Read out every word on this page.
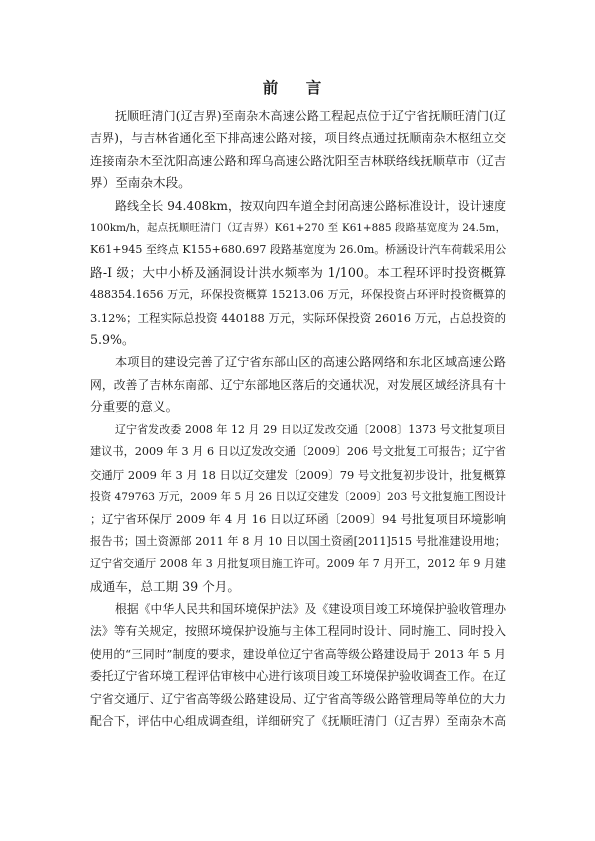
前 言

抚顺旺清门(辽吉界)至南杂木高速公路工程起点位于辽宁省抚顺旺清门(辽
吉界)，与吉林省通化至下排高速公路对接，项目终点通过抚顺南杂木枢纽立交
连接南杂木至沈阳高速公路和珲乌高速公路沈阳至吉林联络线抚顺草市（辽吉
界）至南杂木段。

路线全长 94.408km，按双向四车道全封闭高速公路标准设计，设计速度
100km/h，起点抚顺旺清门（辽吉界）K61+270 至 K61+885 段路基宽度为 24.5m，
K61+945 至终点 K155+680.697 段路基宽度为 26.0m。桥涵设计汽车荷载采用公
路-I 级；大中小桥及涵洞设计洪水频率为 1/100。本工程环评时投资概算
488354.1656 万元，环保投资概算 15213.06 万元，环保投资占环评时投资概算的
3.12%；工程实际总投资 440188 万元，实际环保投资 26016 万元，占总投资的
5.9%。

本项目的建设完善了辽宁省东部山区的高速公路网络和东北区域高速公路
网，改善了吉林东南部、辽宁东部地区落后的交通状况，对发展区域经济具有十
分重要的意义。

辽宁省发改委 2008 年 12 月 29 日以辽发改交通〔2008〕1373 号文批复项目
建议书，2009 年 3 月 6 日以辽发改交通〔2009〕206 号文批复工可报告；辽宁省
交通厅 2009 年 3 月 18 日以辽交建发〔2009〕79 号文批复初步设计，批复概算
投资 479763 万元，2009 年 5 月 26 日以辽交建发〔2009〕203 号文批复施工图设计
；辽宁省环保厅 2009 年 4 月 16 日以辽环函〔2009〕94 号批复项目环境影响
报告书；国土资源部 2011 年 8 月 10 日以国土资函[2011]515 号批准建设用地；
辽宁省交通厅 2008 年 3 月批复项目施工许可。2009 年 7 月开工，2012 年 9 月建
成通车，总工期 39 个月。

根据《中华人民共和国环境保护法》及《建设项目竣工环境保护验收管理办
法》等有关规定，按照环境保护设施与主体工程同时设计、同时施工、同时投入
使用的“三同时”制度的要求，建设单位辽宁省高等级公路建设局于 2013 年 5 月
委托辽宁省环境工程评估审核中心进行该项目竣工环境保护验收调查工作。在辽
宁省交通厅、辽宁省高等级公路建设局、辽宁省高等级公路管理局等单位的大力
配合下，评估中心组成调查组，详细研究了《抚顺旺清门（辽吉界）至南杂木高
